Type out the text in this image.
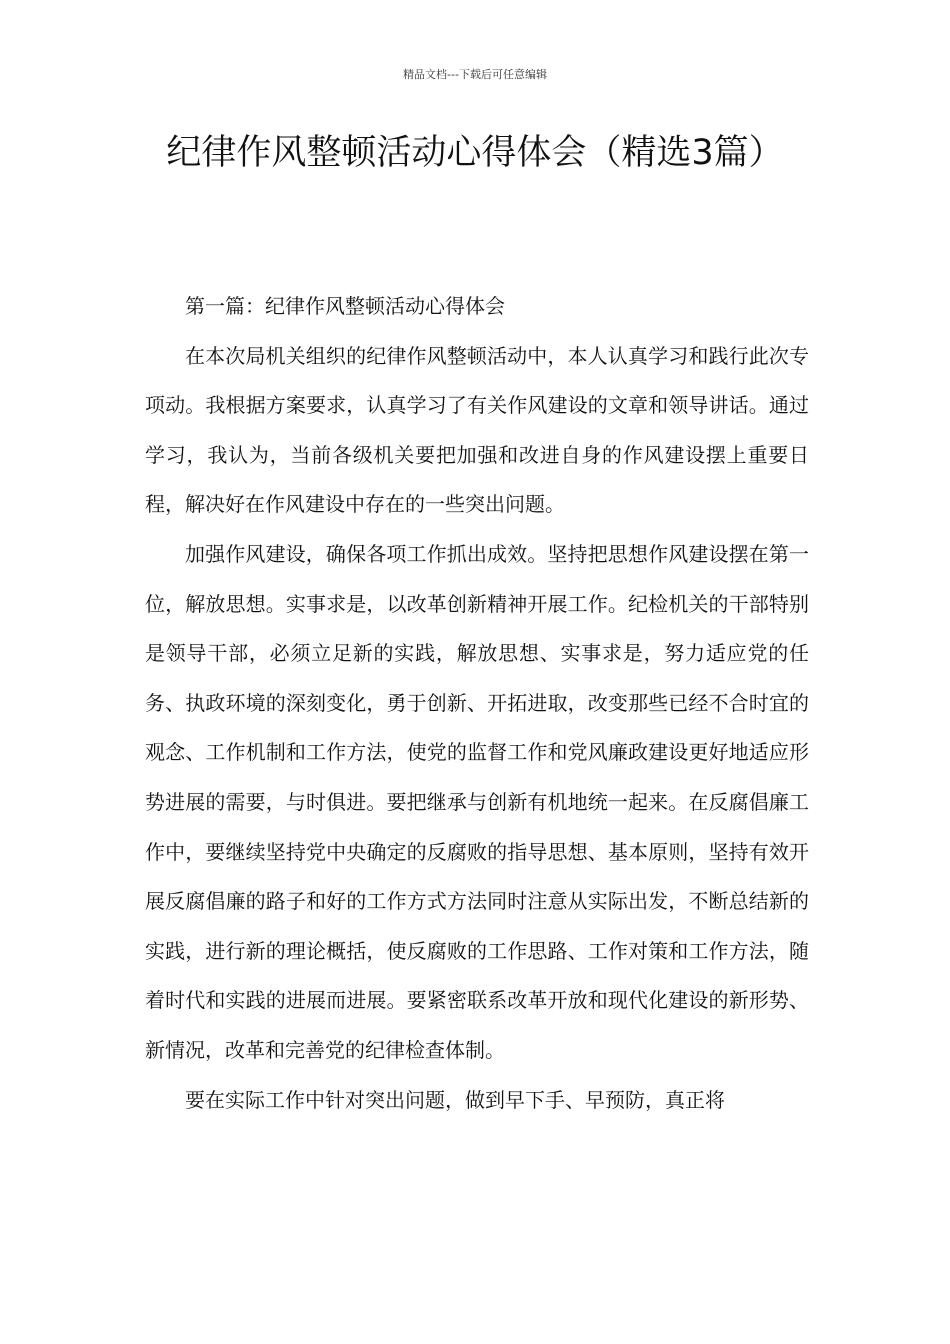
精品文档---下载后可任意编辑
纪律作风整顿活动心得体会（精选3篇）

第一篇：纪律作风整顿活动心得体会

在本次局机关组织的纪律作风整顿活动中，本人认真学习和践行此次专项动。我根据方案要求，认真学习了有关作风建设的文章和领导讲话。通过学习，我认为，当前各级机关要把加强和改进自身的作风建设摆上重要日程，解决好在作风建设中存在的一些突出问题。

加强作风建设，确保各项工作抓出成效。坚持把思想作风建设摆在第一位，解放思想。实事求是，以改革创新精神开展工作。纪检机关的干部特别是领导干部，必须立足新的实践，解放思想、实事求是，努力适应党的任务、执政环境的深刻变化，勇于创新、开拓进取，改变那些已经不合时宜的观念、工作机制和工作方法，使党的监督工作和党风廉政建设更好地适应形势进展的需要，与时俱进。要把继承与创新有机地统一起来。在反腐倡廉工作中，要继续坚持党中央确定的反腐败的指导思想、基本原则，坚持有效开展反腐倡廉的路子和好的工作方式方法同时注意从实际出发，不断总结新的实践，进行新的理论概括，使反腐败的工作思路、工作对策和工作方法，随着时代和实践的进展而进展。要紧密联系改革开放和现代化建设的新形势、新情况，改革和完善党的纪律检查体制。

要在实际工作中针对突出问题，做到早下手、早预防，真正将
